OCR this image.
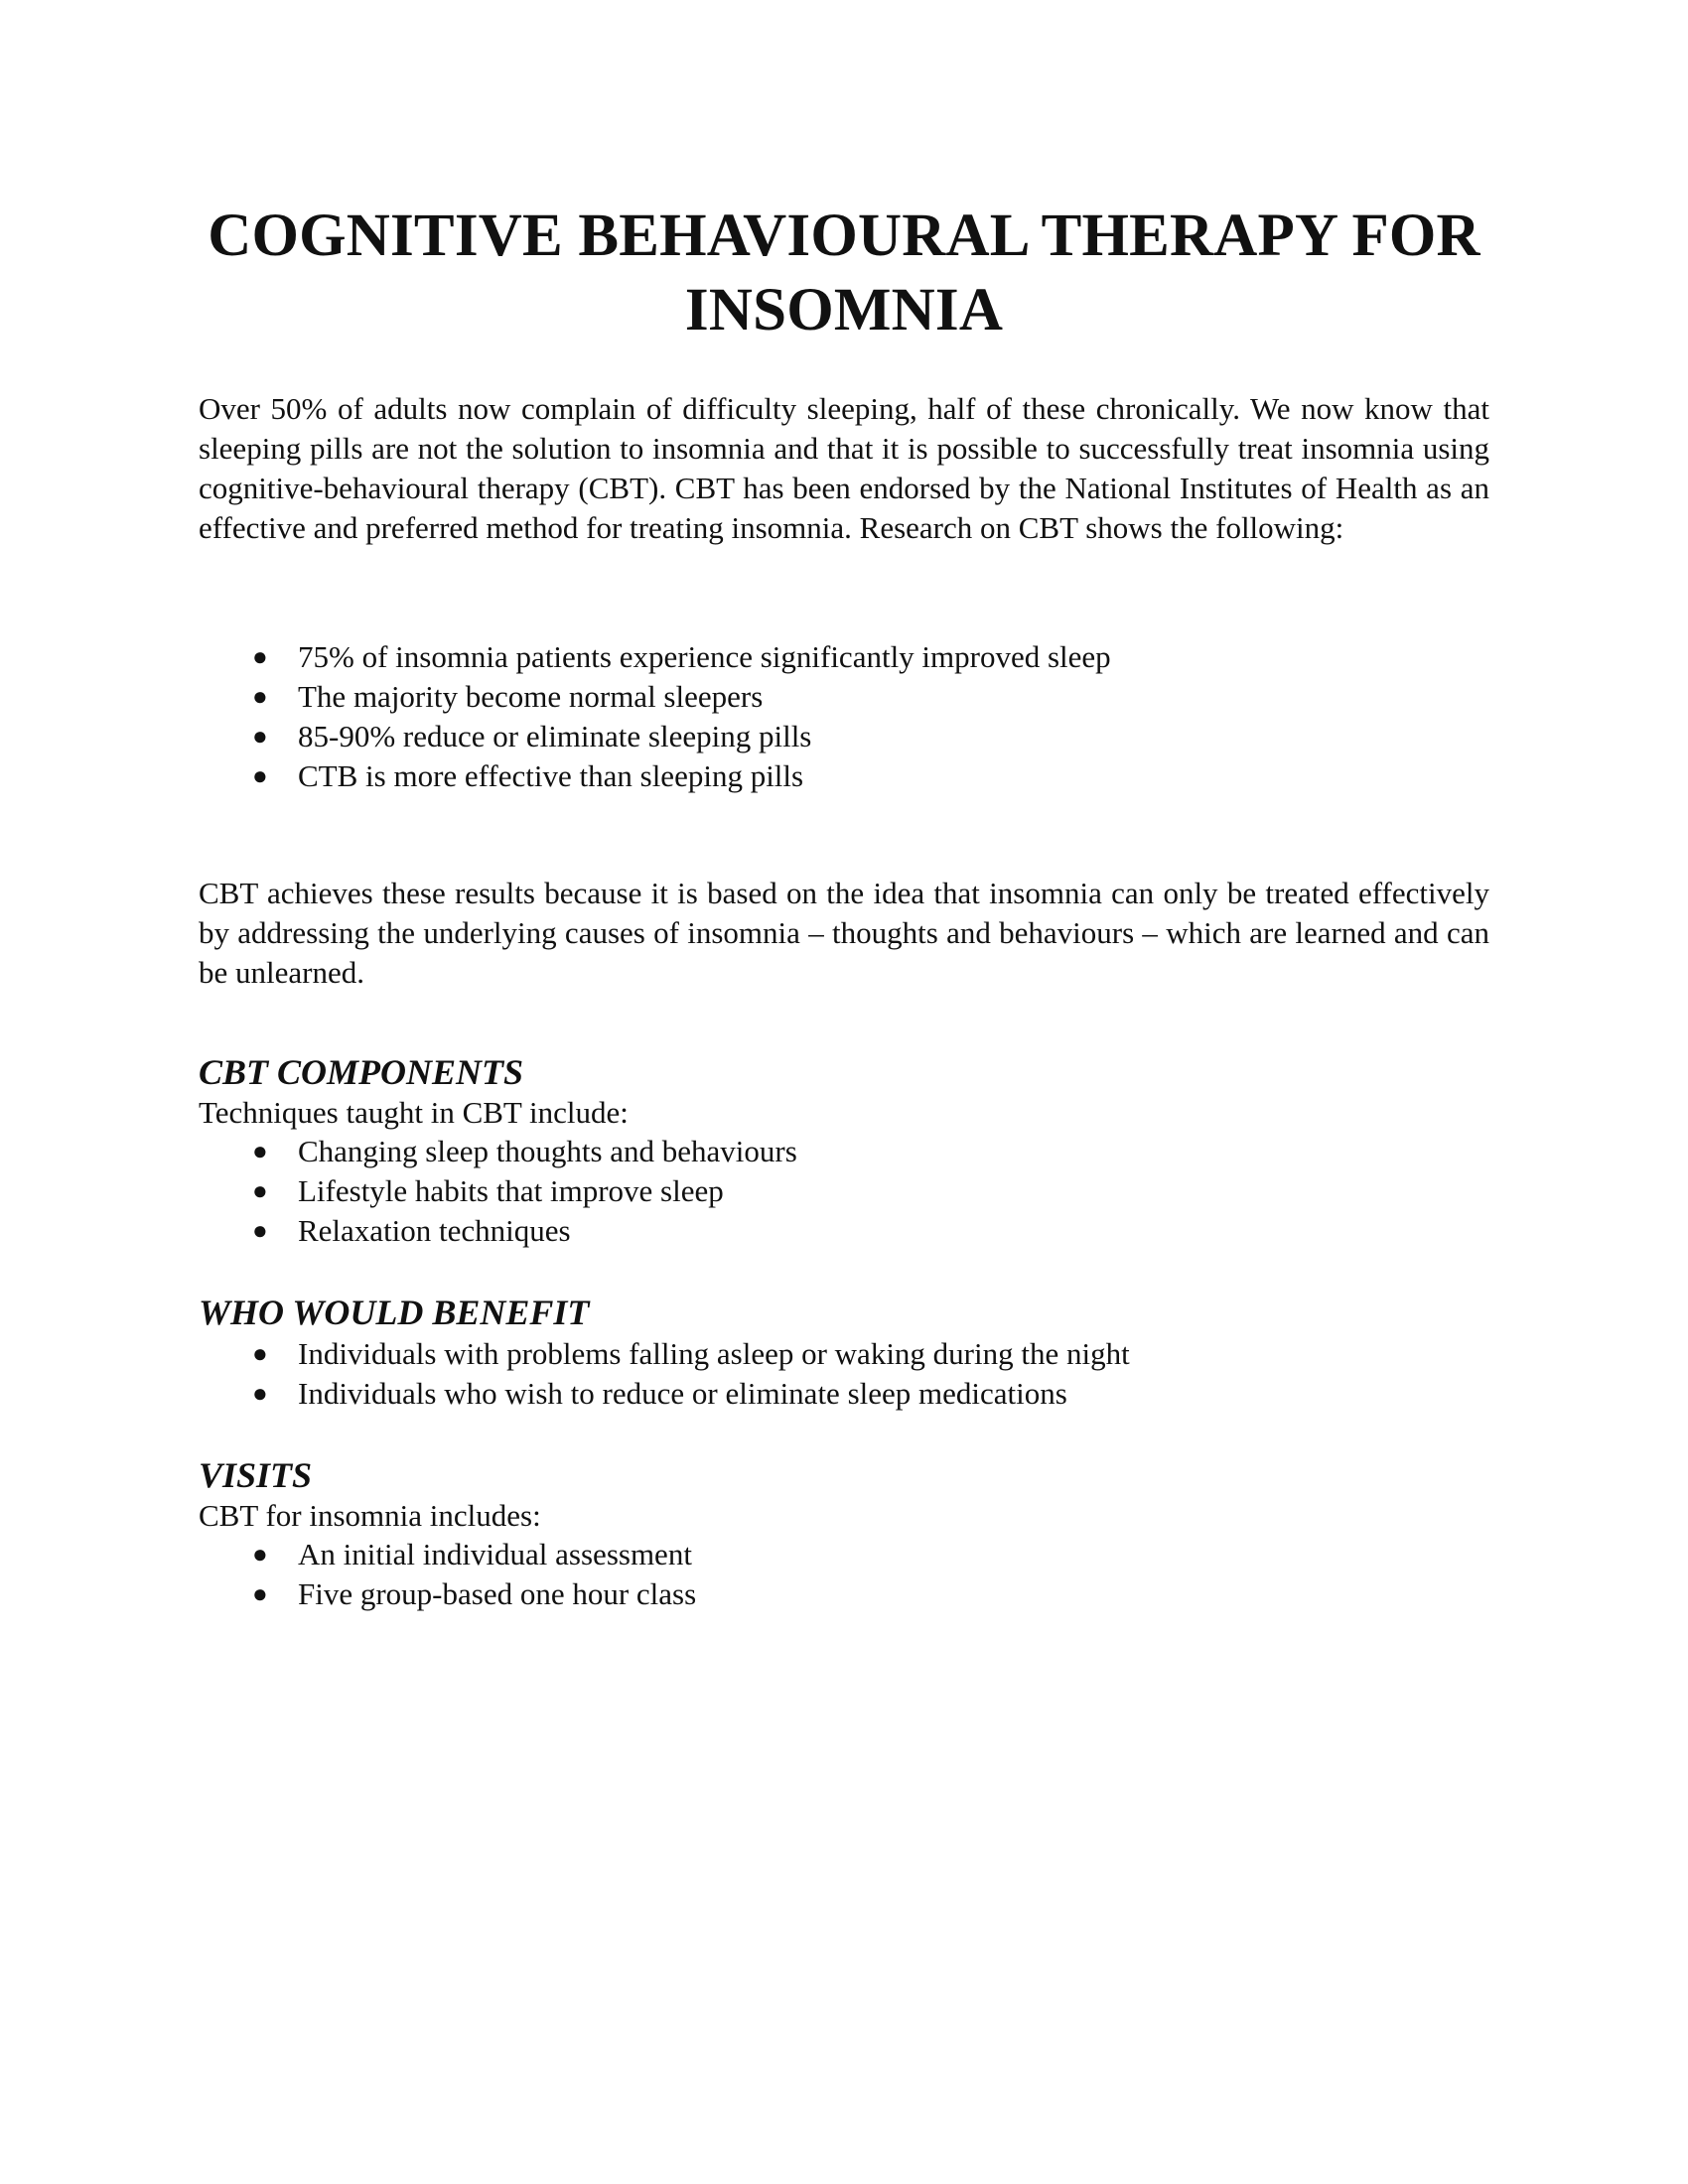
COGNITIVE BEHAVIOURAL THERAPY FOR
INSOMNIA

Over 50% of adults now complain of difficulty sleeping, half of these chronically. We now know that sleeping pills are not the solution to insomnia and that it is possible to successfully treat insomnia using cognitive-behavioural therapy (CBT). CBT has been endorsed by the National Institutes of Health as an effective and preferred method for treating insomnia. Research on CBT shows the following:

● 75% of insomnia patients experience significantly improved sleep
● The majority become normal sleepers
● 85-90% reduce or eliminate sleeping pills
● CTB is more effective than sleeping pills

CBT achieves these results because it is based on the idea that insomnia can only be treated effectively by addressing the underlying causes of insomnia – thoughts and behaviours – which are learned and can be unlearned.

CBT COMPONENTS

Techniques taught in CBT include:

● Changing sleep thoughts and behaviours
● Lifestyle habits that improve sleep
● Relaxation techniques
WHO WOULD BENEFIT
● Individuals with problems falling asleep or waking during the night
● Individuals who wish to reduce or eliminate sleep medications
VISITS

CBT for insomnia includes:

● An initial individual assessment
● Five group-based one hour class
